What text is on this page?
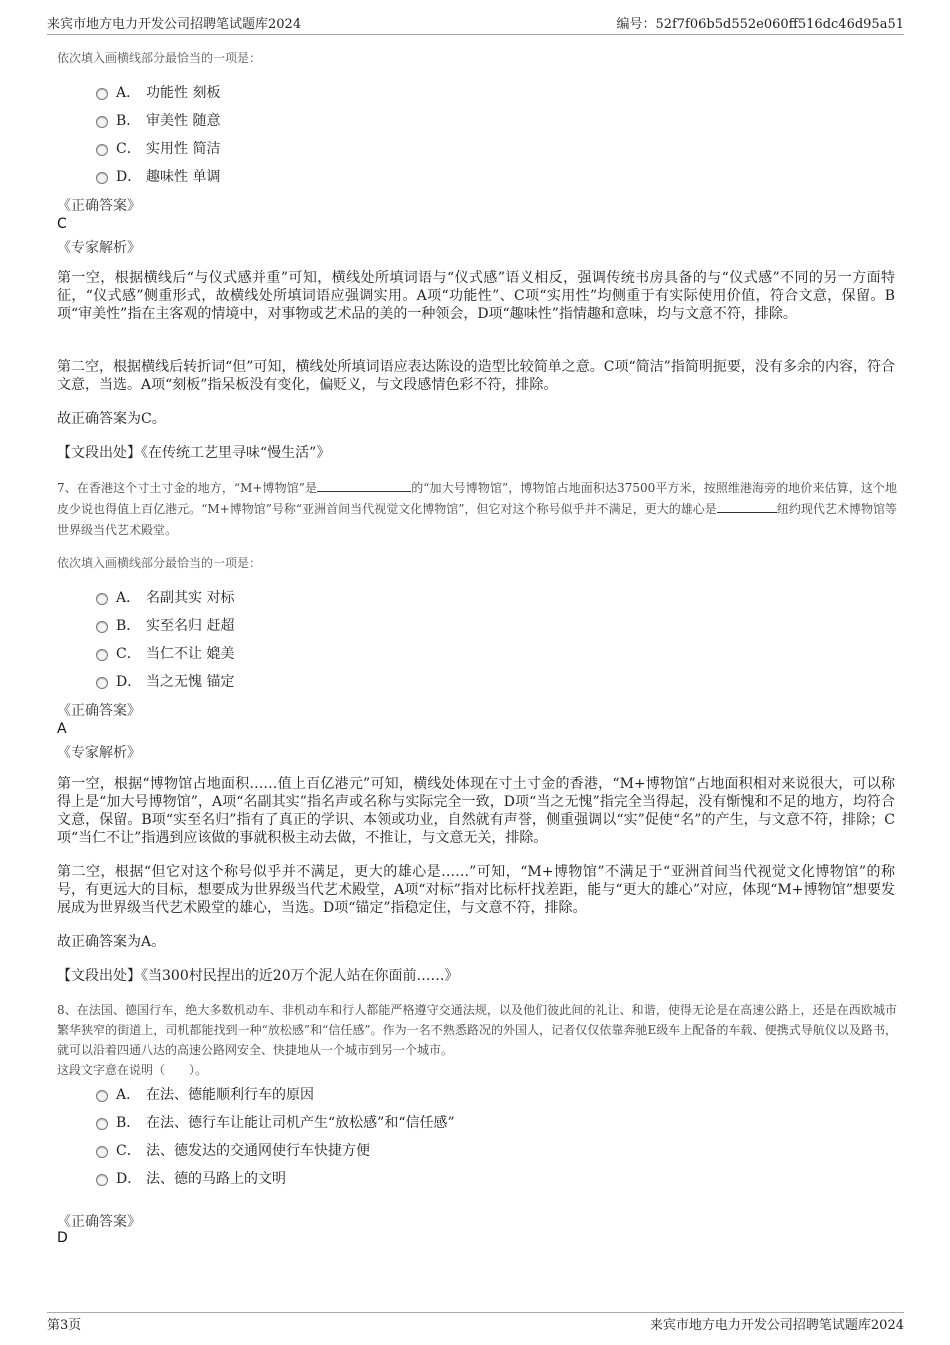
来宾市地方电力开发公司招聘笔试题库2024	编号：52f7f06b5d552e060ff516dc46d95a51
依次填入画横线部分最恰当的一项是：
A． 功能性 刻板
B． 审美性 随意
C． 实用性 简洁
D． 趣味性 单调
《正确答案》
C
《专家解析》
第一空，根据横线后“与仪式感并重”可知，横线处所填词语与“仪式感”语义相反，强调传统书房具备的与“仪式感”不同的另一方面特征，“仪式感”侧重形式，故横线处所填词语应强调实用。A项“功能性”、C项“实用性”均侧重于有实际使用价值，符合文意，保留。B项“审美性”指在主客观的情境中，对事物或艺术品的美的一种领会，D项“趣味性”指情趣和意味，均与文意不符，排除。
第二空，根据横线后转折词“但”可知，横线处所填词语应表达陈设的造型比较简单之意。C项“简洁”指简明扼要，没有多余的内容，符合文意，当选。A项“刻板”指呆板没有变化，偏贬义，与文段感情色彩不符，排除。
故正确答案为C。
【文段出处】《在传统工艺里寻味“慢生活”》
7、在香港这个寸土寸金的地方，“M+博物馆”是	的“加大号博物馆”，博物馆占地面积达37500平方米，按照维港海旁的地价来估算，这个地皮少说也得值上百亿港元。“M+博物馆”号称“亚洲首间当代视觉文化博物馆”，但它对这个称号似乎并不满足，更大的雄心是	纽约现代艺术博物馆等世界级当代艺术殿堂。
依次填入画横线部分最恰当的一项是：
A． 名副其实 对标
B． 实至名归 赶超
C． 当仁不让 媲美
D． 当之无愧 锚定
《正确答案》
A
《专家解析》
第一空，根据“博物馆占地面积……值上百亿港元”可知，横线处体现在寸土寸金的香港，“M+博物馆”占地面积相对来说很大，可以称得上是“加大号博物馆”，A项“名副其实”指名声或名称与实际完全一致，D项“当之无愧”指完全当得起，没有惭愧和不足的地方，均符合文意，保留。B项“实至名归”指有了真正的学识、本领或功业，自然就有声誉，侧重强调以“实”促使“名”的产生，与文意不符，排除；C项“当仁不让”指遇到应该做的事就积极主动去做，不推让，与文意无关，排除。
第二空，根据“但它对这个称号似乎并不满足，更大的雄心是……”可知，“M+博物馆”不满足于“亚洲首间当代视觉文化博物馆”的称号，有更远大的目标，想要成为世界级当代艺术殿堂，A项“对标”指对比标杆找差距，能与“更大的雄心”对应，体现“M+博物馆”想要发展成为世界级当代艺术殿堂的雄心，当选。D项“锚定”指稳定住，与文意不符，排除。
故正确答案为A。
【文段出处】《当300村民捏出的近20万个泥人站在你面前……》
8、在法国、德国行车，绝大多数机动车、非机动车和行人都能严格遵守交通法规，以及他们彼此间的礼让、和谐，使得无论是在高速公路上，还是在西欧城市繁华狭窄的街道上，司机都能找到一种“放松感”和“信任感”。作为一名不熟悉路况的外国人，记者仅仅依靠奔驰E级车上配备的车载、便携式导航仪以及路书，就可以沿着四通八达的高速公路网安全、快捷地从一个城市到另一个城市。
这段文字意在说明（　　）。
A． 在法、德能顺利行车的原因
B． 在法、德行车让能让司机产生“放松感”和“信任感”
C． 法、德发达的交通网使行车快捷方便
D． 法、德的马路上的文明
《正确答案》
D
第3页	来宾市地方电力开发公司招聘笔试题库2024
